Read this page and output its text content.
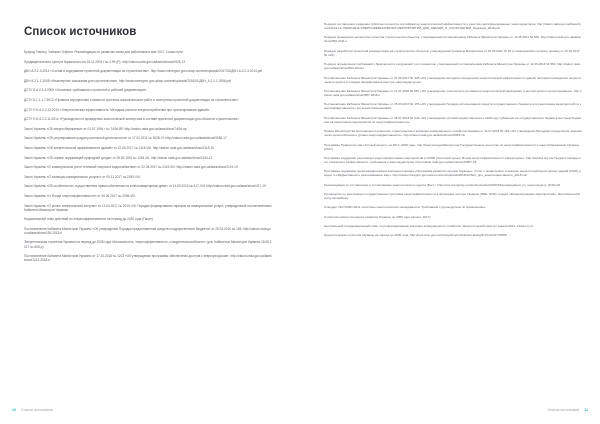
Список источников
Браунд Тэмлер, Хайнрич Гейринг. Рекомендации по развитию связи для работников в мае 2017. Сказы пути.
Предварительного Центра Украинского на 15.11.2003 г № 4.99 (Р). http://zakon.rada.gov.ua/laws/show/z0928-13
ДБН А.2.2-3:2014 «Состав и содержание проектной документации на строительство». http://www.minregion.gov.ua/wp-content/uploads/2017/02/ДБН-А.2.2-3-2014.pdf
ДБН А.2.1-1-2008 «Инженерные изыскания для строительства». http://www.minregion.gov.ua/wp-content/uploads/2016/01/ДБН_А.2.1-1-2008.pdf
ДСТУ Б А.2.4-4:2009 «Основные требования к проектной и рабочей документации».
ДСТУ Б.1.1.1-7:2013 «Правила определения стоимости проектно-изыскательских работ и экспертизы проектной документации на строительство».
ДСТУ Н Б А.2.2-12:2015 «Энергетическая эффективность. Методика расчета энергопотребления при проектировании зданий».
ДСТУ Н Б А.2.2-11:2014 «Руководство по проведению экологической экспертизы в составе проектной документации для объектов строительства».
Закон Украины «Об энергосбережении» от 01.07.1994 г № 74/94-ВР. http://zakon.rada.gov.ua/laws/show/74/94-вр
Закон Украины «Об регулировании градостроительной деятельности» от 17.02.2011 № 3038-VI. http://zakon.rada.gov.ua/laws/show/3038-17
Закон Украины «Об энергетической эффективности зданий» от 22.06.2017 № 2118-VIII. http://zakon.rada.gov.ua/laws/show/2118-19
Закон Украины «Об охране окружающей природной среды» от 25.06.1991 № 1264-XII. http://zakon.rada.gov.ua/laws/show/1264-12
Закон Украины «О коммерческом учете тепловой энергии и водоснабжения» от 22.06.2017 № 2119-VIII. http://zakon.rada.gov.ua/laws/show/2119-19
Закон Украины «О жилищно-коммунальных услугах» от 09.11.2017 № 2189-VIII.
Закон Украины «Об особенностях осуществления права собственности в многоквартирном доме» от 14.05.2015 № 417-VIII. http://zakon.rada.gov.ua/laws/show/417-19
Закон Украины «О Фонде энергоэффективности» от 08.06.2017 № 2095-VIII.
Закон Украины «О рынке электрической энергии» от 13.04.2017 № 2019-VIII. Порядок формирования тарифов на коммунальные услуги, утвержденный постановлением Кабинета Министров Украины.
Национальный план действий по энергоэффективности на период до 2020 года (Пакет).
Постановление Кабинета Министров Украины «Об утверждении Порядка предоставления средств государственного бюджета» от 25.03.2015 № 155. http://zakon.rada.gov.ua/laws/show/155-2015-п
Энергетическая стратегия Украины на период до 2035 года «Безопасность, энергоэффективность, конкурентоспособность» (утв. Кабинетом Министров Украины 18.08.2017 № 605-р).
Постановление Кабинета Министров Украины от 17.10.2018 № 1213 «Об утверждении программы обеспечения доступа к энергоресурсам». http://zakon.rada.gov.ua/laws/show/1213-2018-п
10 Список источников
Порядок составления и ведения публичного реестра сертификатов энергетической эффективности и реестра сертифицированных энергоаудиторов. http://zakon.rada.gov.ua/laws/show/z0123-19, ПЕРЕЧЕНЬ ЭНЕРГОЭФФЕКТИВНЫХ МЕРОПРИЯТИЙ_ДЛЯ_ЗДАНИЙ_И_СООРУЖЕНИЙ_Редакция_2019.pdf
Порядок проведения экспертизы проектов строительства объектов, утвержденный постановлением Кабинета Министров Украины от 11.05.2011 № 560. http://zakon.rada.gov.ua/laws/show/560-2011-п
Порядок разработки проектной документации на строительство объектов, утвержденный приказом Минрегиона от 16.05.2011 № 45 (с изменениями согласно приказу от 23.03.2017 № 122).
Порядок определения требований к безопасности сооружений и их элементов, утвержденный постановлением Кабинета Министров Украины от 11.06.2014 № 563. http://zakon.rada.gov.ua/laws/show/563-2014-п
Постановление Кабинета Министров Украины от 07.06.2017 № 405 «Об утверждении методики определения энергетической эффективности зданий, методики проведения энергетического аудита и порядка формирования реестра энергоаудиторов».
Постановление Кабинета Министров Украины от 11.07.2018 № 587 «Об утверждении технического регламента энергетической маркировки и экологического проектирования». http://zakon.rada.gov.ua/laws/show/587-2018-п
Постановление Кабинета Министров Украины от 25.03.2015 № 155 «Об утверждении Порядка использования средств государственного бюджета для реализации мероприятий по энергоэффективности» (со всеми изменениями).
Постановление Кабинета Министров Украины от 26.07.2018 № 646 «Об утверждении условий предоставления в 2018 году субвенции из государственного бюджета местным бюджетам на выполнение мероприятий по энергоэффективности».
Приказ Министерства регионального развития, строительства и жилищно-коммунального хозяйства Украины от 11.07.2018 № 169 «Об утверждении Методики определения экономически целесообразного уровня энергоэффективности». http://zakon.rada.gov.ua/laws/show/z0843-18
Программа Правительства «Теплый кредит» на 2017–2020 годы. http://www.energoeffekt.gov.ua/ Государственное агентство по энергоэффективности и энергосбережению Украины (2017).
Программа поддержки реализации энергоэффективных мероприятий в ОСББ (пилотный проект Фонда энергоэффективности «Энергодом»). http://eefund.org.ua/ Порядок проведения, показатели эффективности, требования к энергоаудиторам. http://zakon.rada.gov.ua/laws/show/z0857-18
Программа поддержки энергомодернизации жилищного фонда «Программа развития городов Украины». Отчет о мониторинге и анализе энергопотребления жилых зданий (2018), раздел 4 «Эффективность реализованных мер». http://www.minregion.gov.ua/wp-content/uploads/2018/12/Звіт_про_енергоефективність_2018.pdf
Рекомендации по составлению и согласованию энергетического аудита (Вып.). https://ua.energy/wp-content/uploads/2018/03/Рекомендации_по_энергоаудиту_2018.pdf
Руководство по реализации государственных программ энергоэффективности в жилищном секторе Украины (НЕЕ, 2016), раздел «Финансирование мероприятий». http://www.eefund.org.ua/ua/library
Стандарт ISO 50001:2011 «Системы энергетического менеджмента. Требования с руководством по применению».
Стратегия низкоуглеродного развития Украины до 2050 года (проект, 2017).
Центральный координационный совет по реформированию жилищно-коммунального хозяйства. Энергетический паспорт здания 2014, Сказы пути.
Энергетическая стратегия Украины на период до 2035 года, http://mpe.kmu.gov.ua/minugol/control/uk/doccatalog/list?currDir=50358
Список источников 11
